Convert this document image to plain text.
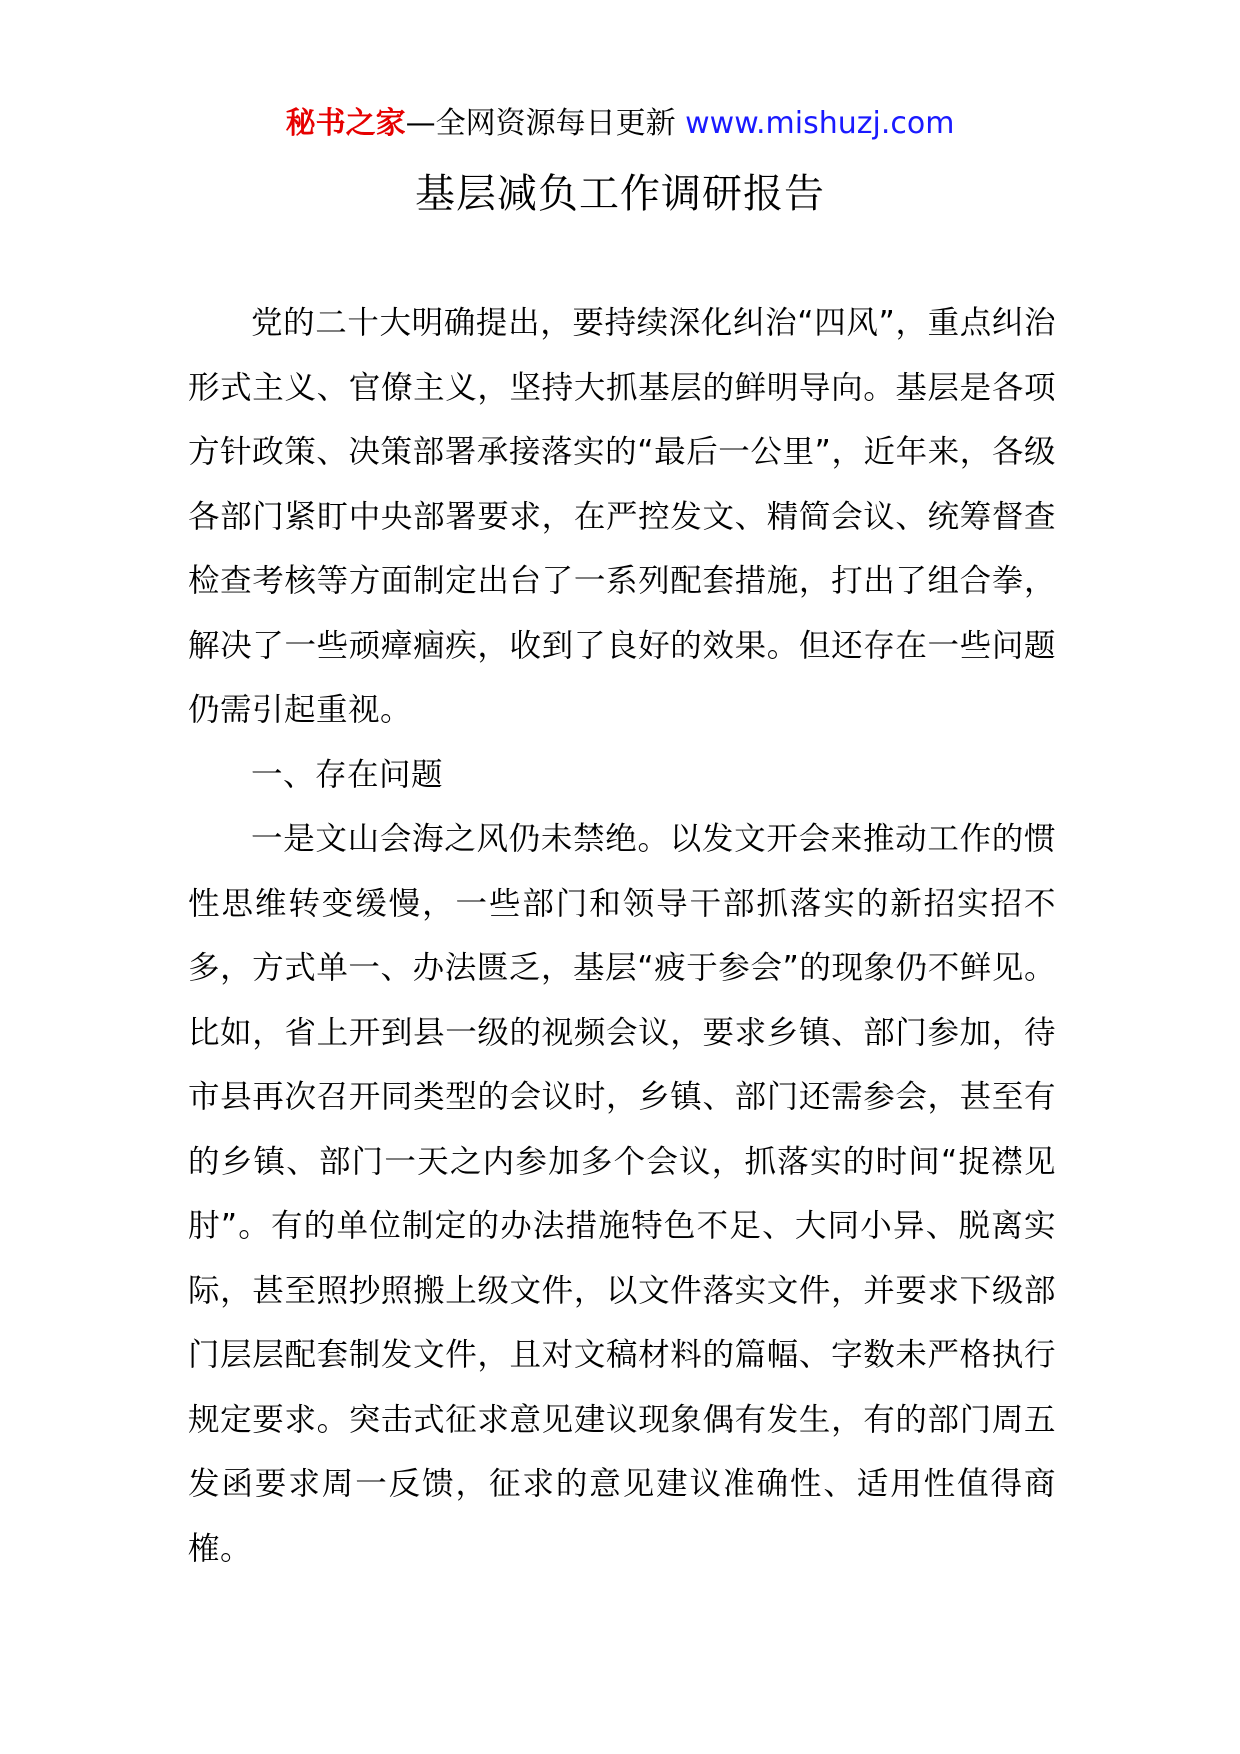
秘书之家—全网资源每日更新 www.mishuzj.com
基层减负工作调研报告

党的二十大明确提出，要持续深化纠治“四风”，重点纠治形式主义、官僚主义，坚持大抓基层的鲜明导向。基层是各项方针政策、决策部署承接落实的“最后一公里”，近年来，各级各部门紧盯中央部署要求，在严控发文、精简会议、统筹督查检查考核等方面制定出台了一系列配套措施，打出了组合拳，解决了一些顽瘴痼疾，收到了良好的效果。但还存在一些问题仍需引起重视。

一、存在问题

一是文山会海之风仍未禁绝。以发文开会来推动工作的惯性思维转变缓慢，一些部门和领导干部抓落实的新招实招不多，方式单一、办法匮乏，基层“疲于参会”的现象仍不鲜见。比如，省上开到县一级的视频会议，要求乡镇、部门参加，待市县再次召开同类型的会议时，乡镇、部门还需参会，甚至有的乡镇、部门一天之内参加多个会议，抓落实的时间“捉襟见肘”。有的单位制定的办法措施特色不足、大同小异、脱离实际，甚至照抄照搬上级文件，以文件落实文件，并要求下级部门层层配套制发文件，且对文稿材料的篇幅、字数未严格执行规定要求。突击式征求意见建议现象偶有发生，有的部门周五发函要求周一反馈，征求的意见建议准确性、适用性值得商榷。
